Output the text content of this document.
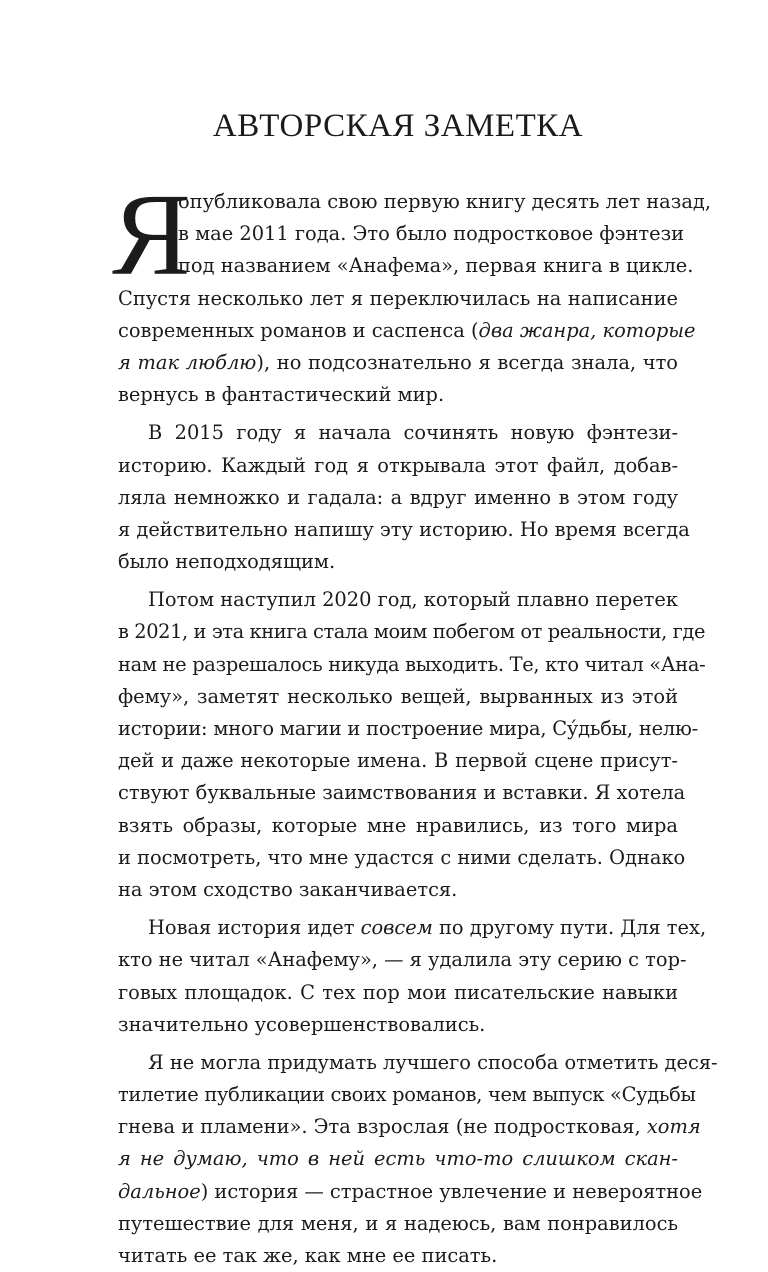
АВТОРСКАЯ ЗАМЕТКА
Я
опубликовала свою первую книгу десять лет назад,
в мае 2011 года. Это было подростковое фэнтези
под названием «Анафема», первая книга в цикле.
Спустя несколько лет я переключилась на написание
современных романов и саспенса (два жанра, которые
я так люблю), но подсознательно я всегда знала, что
вернусь в фантастический мир.
В 2015 году я начала сочинять новую фэнтези-
историю. Каждый год я открывала этот файл, добав-
ляла немножко и гадала: а вдруг именно в этом году
я действительно напишу эту историю. Но время всегда
было неподходящим.
Потом наступил 2020 год, который плавно перетек
в 2021, и эта книга стала моим побегом от реальности, где
нам не разрешалось никуда выходить. Те, кто читал «Ана-
фему», заметят несколько вещей, вырванных из этой
истории: много магии и построение мира, Су́дьбы, нелю-
дей и даже некоторые имена. В первой сцене присут-
ствуют буквальные заимствования и вставки. Я хотела
взять образы, которые мне нравились, из того мира
и посмотреть, что мне удастся с ними сделать. Однако
на этом сходство заканчивается.
Новая история идет совсем по другому пути. Для тех,
кто не читал «Анафему», — я удалила эту серию с тор-
говых площадок. С тех пор мои писательские навыки
значительно усовершенствовались.
Я не могла придумать лучшего способа отметить деся-
тилетие публикации своих романов, чем выпуск «Судьбы
гнева и пламени». Эта взрослая (не подростковая, хотя
я не думаю, что в ней есть что-то слишком скан-
дальное) история — страстное увлечение и невероятное
путешествие для меня, и я надеюсь, вам понравилось
читать ее так же, как мне ее писать.
